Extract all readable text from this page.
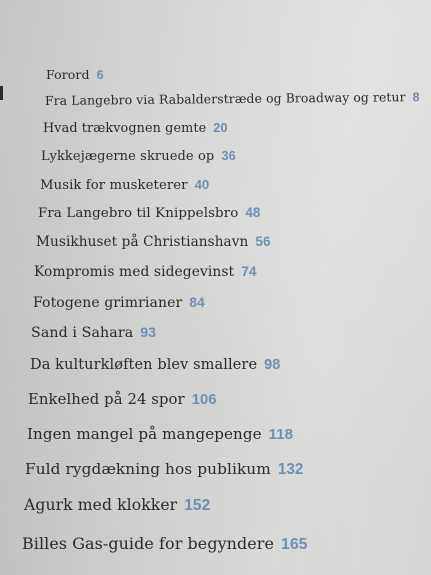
Forord 6
Fra Langebro via Rabalderstræde og Broadway og retur 8
Hvad trækvognen gemte 20
Lykkejægerne skruede op 36
Musik for musketerer 40
Fra Langebro til Knippelsbro 48
Musikhuset på Christianshavn 56
Kompromis med sidegevinst 74
Fotogene grimrianer 84
Sand i Sahara 93
Da kulturkløften blev smallere 98
Enkelhed på 24 spor 106
Ingen mangel på mangepenge 118
Fuld rygdækning hos publikum 132
Agurk med klokker 152
Billes Gas-guide for begyndere 165
